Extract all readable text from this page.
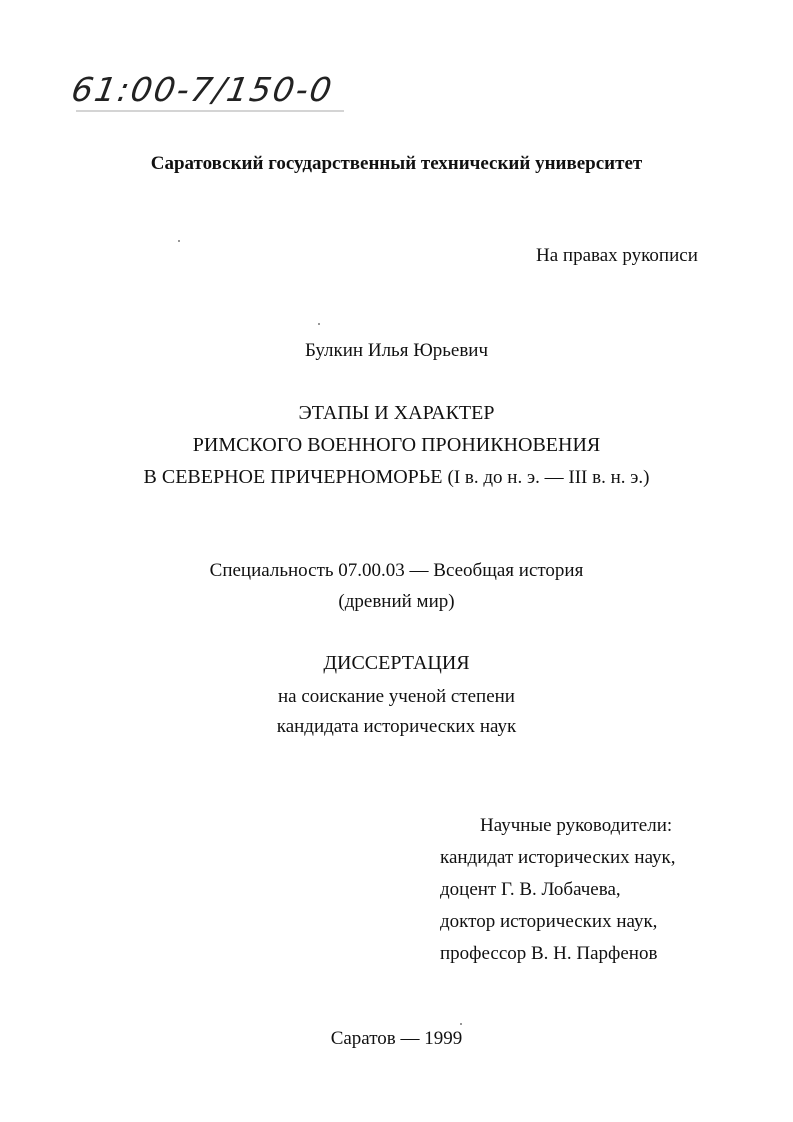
61:00-7/150-0
Саратовский государственный технический университет
На правах рукописи
Булкин Илья Юрьевич
ЭТАПЫ И ХАРАКТЕР
РИМСКОГО ВОЕННОГО ПРОНИКНОВЕНИЯ
В СЕВЕРНОЕ ПРИЧЕРНОМОРЬЕ (I в. до н. э. — III в. н. э.)
Специальность 07.00.03 — Всеобщая история
(древний мир)
ДИССЕРТАЦИЯ
на соискание ученой степени
кандидата исторических наук
Научные руководители:
кандидат исторических наук,
доцент Г. В. Лобачева,
доктор исторических наук,
профессор В. Н. Парфенов
Саратов — 1999
